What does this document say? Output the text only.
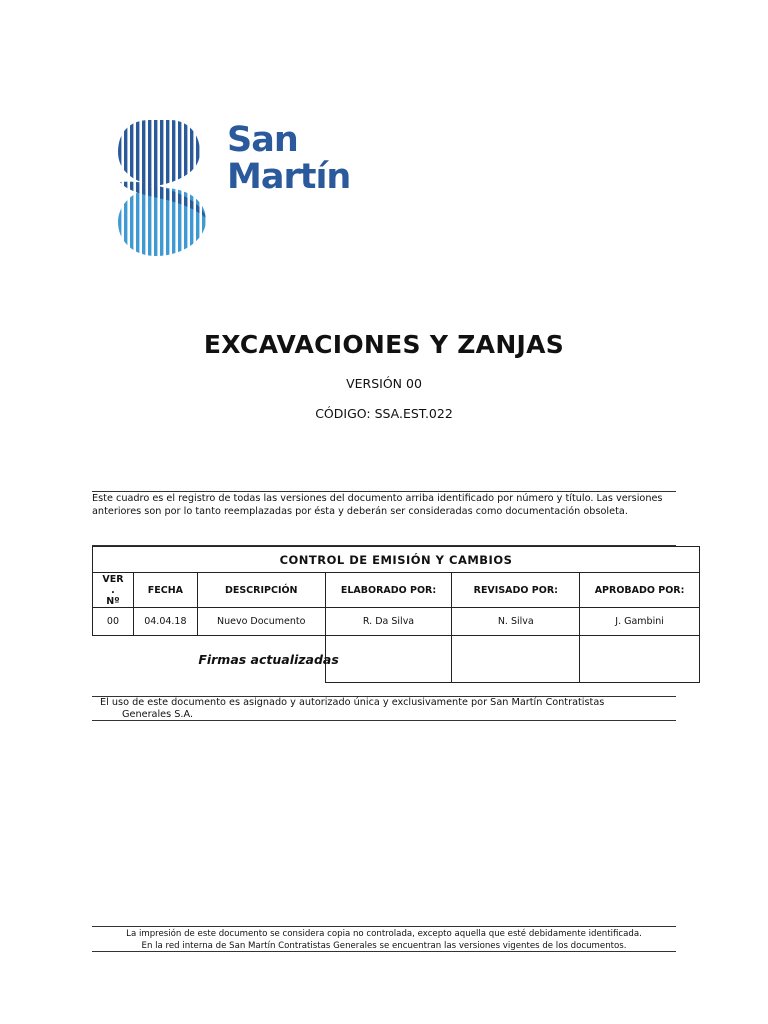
San
Martín
EXCAVACIONES Y ZANJAS
VERSIÓN 00
CÓDIGO: SSA.EST.022
Este cuadro es el registro de todas las versiones del documento arriba identificado por número y título. Las versiones anteriores son por lo tanto reemplazadas por ésta y deberán ser consideradas como documentación obsoleta.
CONTROL DE EMISIÓN Y CAMBIOS					

VER
.
Nº	FECHA	DESCRIPCIÓN	ELABORADO POR:	REVISADO POR:	APROBADO POR:
00	04.04.18	Nuevo Documento	R. Da Silva	N. Silva	J. Gambini
Firmas actualizadas					
El uso de este documento es asignado y autorizado única y exclusivamente por San Martín Contratistas
Generales S.A.
La impresión de este documento se considera copia no controlada, excepto aquella que esté debidamente identificada.
En la red interna de San Martín Contratistas Generales se encuentran las versiones vigentes de los documentos.
